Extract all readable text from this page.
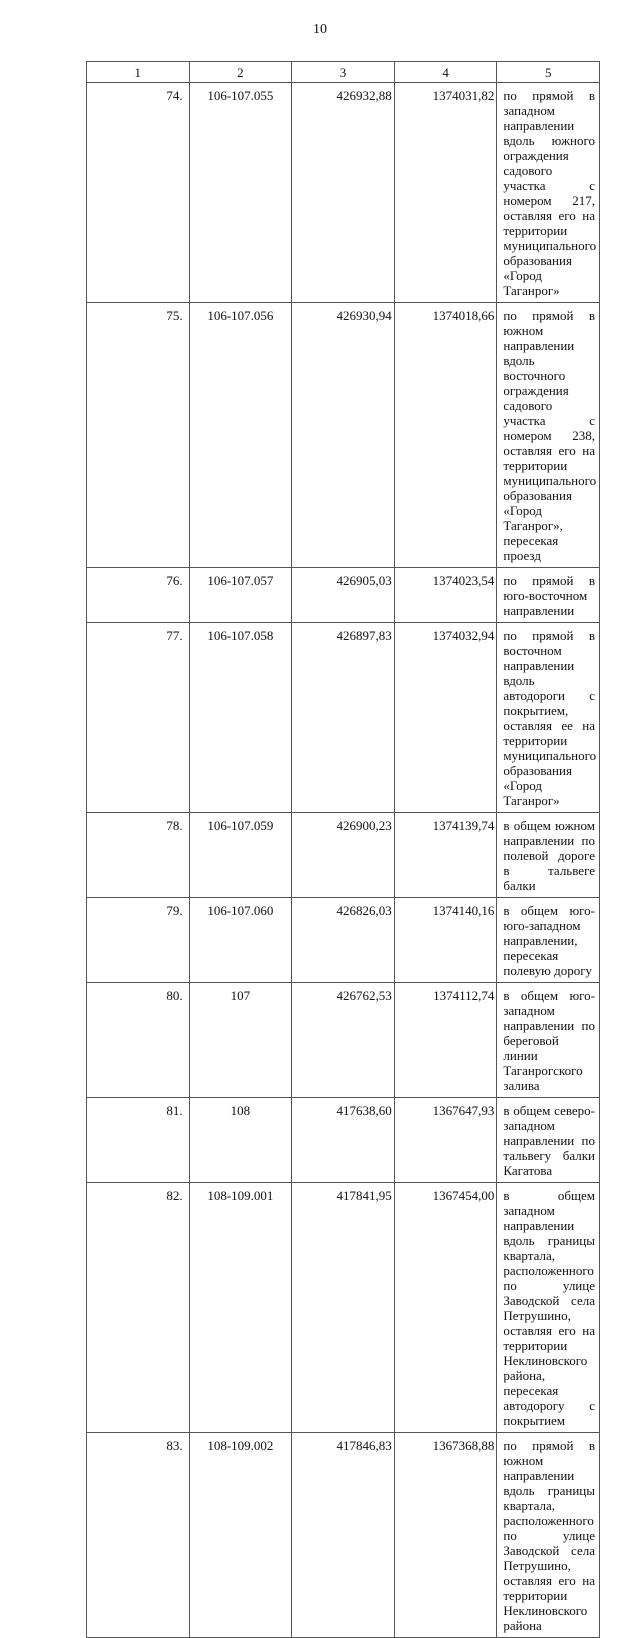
10
1	2	3	4	5
74.	106-107.055	426932,88	1374031,82	по прямой в западном направлении вдоль южного ограждения садового участка с номером 217, оставляя его на территории муниципального образования «Город Таганрог»

75.	106-107.056	426930,94	1374018,66	по прямой в южном направлении вдоль восточного ограждения садового участка с номером 238, оставляя его на территории муниципального образования «Город Таганрог», пересекая проезд

76.	106-107.057	426905,03	1374023,54	по прямой в юго-восточном направлении

77.	106-107.058	426897,83	1374032,94	по прямой в восточном направлении вдоль автодороги с покрытием, оставляя ее на территории муниципального образования «Город Таганрог»

78.	106-107.059	426900,23	1374139,74	в общем южном направлении по полевой дороге в тальвеге балки

79.	106-107.060	426826,03	1374140,16	в общем юго-юго-западном направлении, пересекая полевую дорогу

80.	107	426762,53	1374112,74	в общем юго-западном направлении по береговой линии Таганрогского залива

81.	108	417638,60	1367647,93	в общем северо-западном направлении по тальвегу балки Кагатова

82.	108-109.001	417841,95	1367454,00	в общем западном направлении вдоль границы квартала, расположенного по улице Заводской села Петрушино, оставляя его на территории Неклиновского района, пересекая автодорогу с покрытием

83.	108-109.002	417846,83	1367368,88	по прямой в южном направлении вдоль границы квартала, расположенного по улице Заводской села Петрушино, оставляя его на территории Неклиновского района
